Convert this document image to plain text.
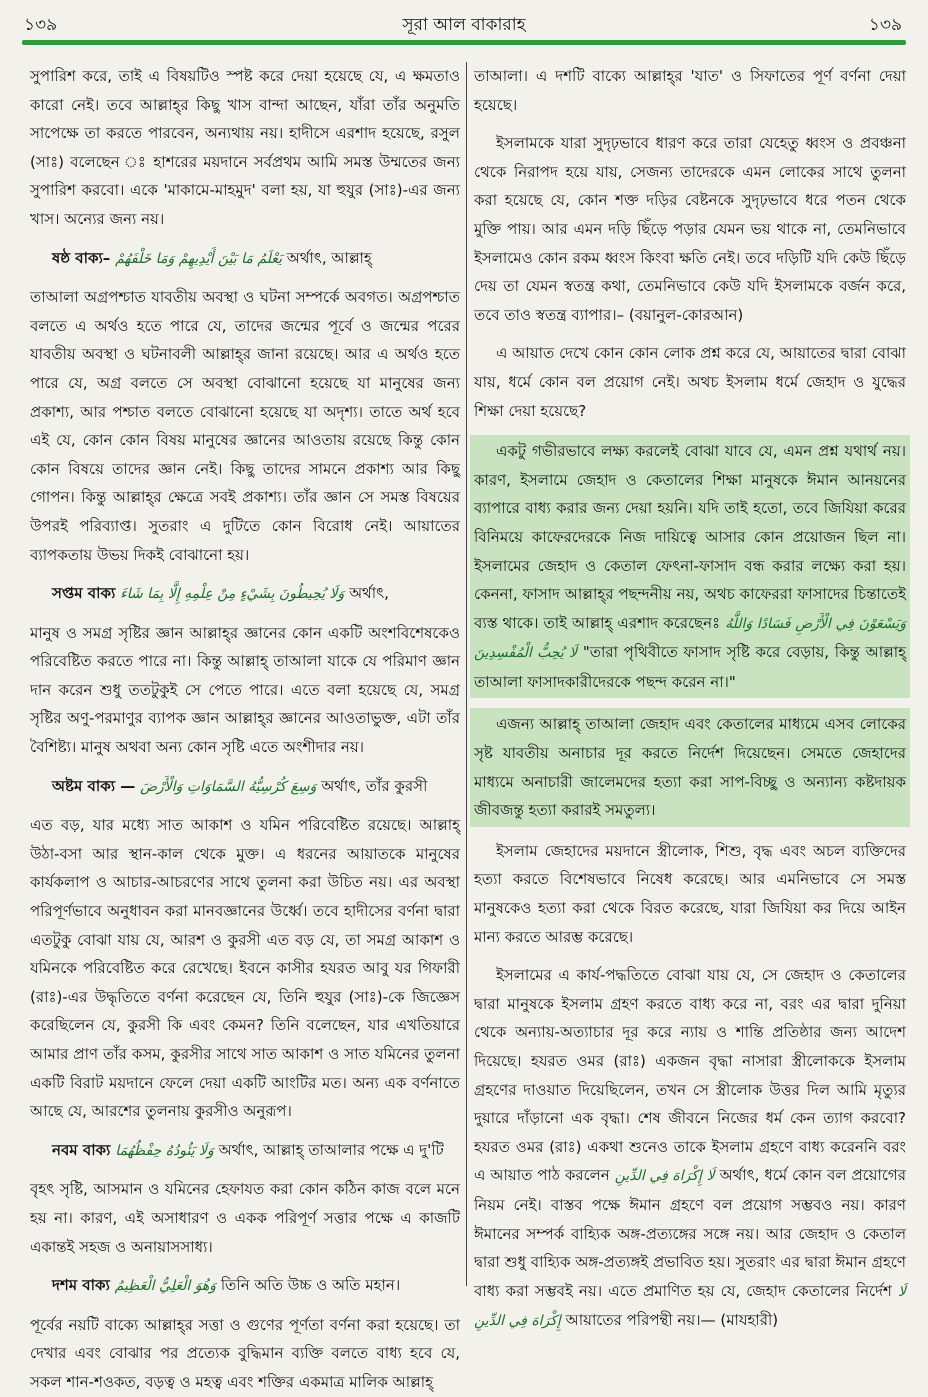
১৩৯	সূরা আল বাকারাহ	১৩৯

সুপারিশ করে, তাই এ বিষয়টিও স্পষ্ট করে দেয়া হয়েছে যে, এ ক্ষমতাও কারো নেই। তবে আল্লাহ্‌র কিছু খাস বান্দা আছেন, যাঁরা তাঁর অনুমতি সাপেক্ষে তা করতে পারবেন, অন্যথায় নয়। হাদীসে এরশাদ হয়েছে, রসুল (সাঃ) বলেছেন ঃ হাশরের ময়দানে সর্বপ্রথম আমি সমস্ত উম্মতের জন্য সুপারিশ করবো। একে 'মাকামে-মাহমুদ' বলা হয়, যা হুযুর (সাঃ)-এর জন্য খাস। অন্যের জন্য নয়।

ষষ্ঠ বাক্য– يَعْلَمُ مَا بَيْنَ أَيْدِيهِمْ وَمَا خَلْفَهُمْ অর্থাৎ, আল্লাহ্‌

তাআলা অগ্রপশ্চাত যাবতীয় অবস্থা ও ঘটনা সম্পর্কে অবগত। অগ্রপশ্চাত বলতে এ অর্থও হতে পারে যে, তাদের জন্মের পূর্বে ও জন্মের পরের যাবতীয় অবস্থা ও ঘটনাবলী আল্লাহ্‌র জানা রয়েছে। আর এ অর্থও হতে পারে যে, অগ্র বলতে সে অবস্থা বোঝানো হয়েছে যা মানুষের জন্য প্রকাশ্য, আর পশ্চাত বলতে বোঝানো হয়েছে যা অদৃশ্য। তাতে অর্থ হবে এই যে, কোন কোন বিষয় মানুষের জ্ঞানের আওতায় রয়েছে কিন্তু কোন কোন বিষয়ে তাদের জ্ঞান নেই। কিছু তাদের সামনে প্রকাশ্য আর কিছু গোপন। কিন্তু আল্লাহ্‌র ক্ষেত্রে সবই প্রকাশ্য। তাঁর জ্ঞান সে সমস্ত বিষয়ের উপরই পরিব্যাপ্ত। সুতরাং এ দুটিতে কোন বিরোধ নেই। আয়াতের ব্যাপকতায় উভয় দিকই বোঝানো হয়।

সপ্তম বাক্য وَلَا يُحِيطُونَ بِشَيْءٍ مِنْ عِلْمِهِ إِلَّا بِمَا شَاءَ অর্থাৎ,

মানুষ ও সমগ্র সৃষ্টির জ্ঞান আল্লাহ্‌র জ্ঞানের কোন একটি অংশবিশেষকেও পরিবেষ্টিত করতে পারে না। কিন্তু আল্লাহ্‌ তাআলা যাকে যে পরিমাণ জ্ঞান দান করেন শুধু ততটুকুই সে পেতে পারে। এতে বলা হয়েছে যে, সমগ্র সৃষ্টির অণু-পরমাণুর ব্যাপক জ্ঞান আল্লাহ্‌র জ্ঞানের আওতাভুক্ত, এটা তাঁর বৈশিষ্ট্য। মানুষ অথবা অন্য কোন সৃষ্টি এতে অংশীদার নয়।

অষ্টম বাক্য — وَسِعَ كُرْسِيُّهُ السَّمَاوَاتِ وَالْأَرْضَ অর্থাৎ, তাঁর কুরসী

এত বড়, যার মধ্যে সাত আকাশ ও যমিন পরিবেষ্টিত রয়েছে। আল্লাহ্‌ উঠা-বসা আর স্থান-কাল থেকে মুক্ত। এ ধরনের আয়াতকে মানুষের কার্যকলাপ ও আচার-আচরণের সাথে তুলনা করা উচিত নয়। এর অবস্থা পরিপূর্ণভাবে অনুধাবন করা মানবজ্ঞানের উর্ধ্বে। তবে হাদীসের বর্ণনা দ্বারা এতটুকু বোঝা যায় যে, আরশ ও কুরসী এত বড় যে, তা সমগ্র আকাশ ও যমিনকে পরিবেষ্টিত করে রেখেছে। ইবনে কাসীর হযরত আবু যর গিফারী (রাঃ)-এর উদ্ধৃতিতে বর্ণনা করেছেন যে, তিনি হুযুর (সাঃ)-কে জিজ্ঞেস করেছিলেন যে, কুরসী কি এবং কেমন? তিনি বলেছেন, যার এখতিয়ারে আমার প্রাণ তাঁর কসম, কুরসীর সাথে সাত আকাশ ও সাত যমিনের তুলনা একটি বিরাট ময়দানে ফেলে দেয়া একটি আংটির মত। অন্য এক বর্ণনাতে আছে যে, আরশের তুলনায় কুরসীও অনুরূপ।

নবম বাক্য وَلَا يَئُودُهُ حِفْظُهُمَا অর্থাৎ, আল্লাহ্‌ তাআলার পক্ষে এ দু'টি

বৃহৎ সৃষ্টি, আসমান ও যমিনের হেফাযত করা কোন কঠিন কাজ বলে মনে হয় না। কারণ, এই অসাধারণ ও একক পরিপূর্ণ সত্তার পক্ষে এ কাজটি একান্তই সহজ ও অনায়াসসাধ্য।

দশম বাক্য وَهُوَ الْعَلِيُّ الْعَظِيمُ তিনি অতি উচ্চ ও অতি মহান।

পূর্বের নয়টি বাক্যে আল্লাহ্‌র সত্তা ও গুণের পূর্ণতা বর্ণনা করা হয়েছে। তা দেখার এবং বোঝার পর প্রত্যেক বুদ্ধিমান ব্যক্তি বলতে বাধ্য হবে যে, সকল শান-শওকত, বড়ত্ব ও মহত্ব এবং শক্তির একমাত্র মালিক আল্লাহ্‌

তাআলা। এ দশটি বাক্যে আল্লাহ্‌র 'যাত' ও সিফাতের পূর্ণ বর্ণনা দেয়া হয়েছে।

ইসলামকে যারা সুদৃঢ়ভাবে ধারণ করে তারা যেহেতু ধ্বংস ও প্রবঞ্চনা থেকে নিরাপদ হয়ে যায়, সেজন্য তাদেরকে এমন লোকের সাথে তুলনা করা হয়েছে যে, কোন শক্ত দড়ির বেষ্টনকে সুদৃঢ়ভাবে ধরে পতন থেকে মুক্তি পায়। আর এমন দড়ি ছিঁড়ে পড়ার যেমন ভয় থাকে না, তেমনিভাবে ইসলামেও কোন রকম ধ্বংস কিংবা ক্ষতি নেই। তবে দড়িটি যদি কেউ ছিঁড়ে দেয় তা যেমন স্বতন্ত্র কথা, তেমনিভাবে কেউ যদি ইসলামকে বর্জন করে, তবে তাও স্বতন্ত্র ব্যাপার।– (বয়ানুল-কোরআন)

এ আয়াত দেখে কোন কোন লোক প্রশ্ন করে যে, আয়াতের দ্বারা বোঝা যায়, ধর্মে কোন বল প্রয়োগ নেই। অথচ ইসলাম ধর্মে জেহাদ ও যুদ্ধের শিক্ষা দেয়া হয়েছে?

একটু গভীরভাবে লক্ষ্য করলেই বোঝা যাবে যে, এমন প্রশ্ন যথার্থ নয়। কারণ, ইসলামে জেহাদ ও কেতালের শিক্ষা মানুষকে ঈমান আনয়নের ব্যাপারে বাধ্য করার জন্য দেয়া হয়নি। যদি তাই হতো, তবে জিযিয়া করের বিনিময়ে কাফেরদেরকে নিজ দায়িত্বে আসার কোন প্রয়োজন ছিল না। ইসলামের জেহাদ ও কেতাল ফেৎনা-ফাসাদ বন্ধ করার লক্ষ্যে করা হয়। কেননা, ফাসাদ আল্লাহ্‌র পছন্দনীয় নয়, অথচ কাফেররা ফাসাদের চিন্তাতেই ব্যস্ত থাকে। তাই আল্লাহ্‌ এরশাদ করেছেনঃ وَيَسْعَوْنَ فِي الْأَرْضِ فَسَادًا وَاللَّهُ لَا يُحِبُّ الْمُفْسِدِينَ "তারা পৃথিবীতে ফাসাদ সৃষ্টি করে বেড়ায়, কিন্তু আল্লাহ্‌ তাআলা ফাসাদকারীদেরকে পছন্দ করেন না।"

এজন্য আল্লাহ্‌ তাআলা জেহাদ এবং কেতালের মাধ্যমে এসব লোকের সৃষ্ট যাবতীয় অনাচার দূর করতে নির্দেশ দিয়েছেন। সেমতে জেহাদের মাধ্যমে অনাচারী জালেমদের হত্যা করা সাপ-বিচ্ছু ও অন্যান্য কষ্টদায়ক জীবজন্তু হত্যা করারই সমতুল্য।

ইসলাম জেহাদের ময়দানে স্ত্রীলোক, শিশু, বৃদ্ধ এবং অচল ব্যক্তিদের হত্যা করতে বিশেষভাবে নিষেধ করেছে। আর এমনিভাবে সে সমস্ত মানুষকেও হত্যা করা থেকে বিরত করেছে, যারা জিযিয়া কর দিয়ে আইন মান্য করতে আরম্ভ করেছে।

ইসলামের এ কার্য-পদ্ধতিতে বোঝা যায় যে, সে জেহাদ ও কেতালের দ্বারা মানুষকে ইসলাম গ্রহণ করতে বাধ্য করে না, বরং এর দ্বারা দুনিয়া থেকে অন্যায়-অত্যাচার দূর করে ন্যায় ও শান্তি প্রতিষ্ঠার জন্য আদেশ দিয়েছে। হযরত ওমর (রাঃ) একজন বৃদ্ধা নাসারা স্ত্রীলোককে ইসলাম গ্রহণের দাওয়াত দিয়েছিলেন, তখন সে স্ত্রীলোক উত্তর দিল আমি মৃত্যুর দুয়ারে দাঁড়ানো এক বৃদ্ধা। শেষ জীবনে নিজের ধর্ম কেন ত্যাগ করবো? হযরত ওমর (রাঃ) একথা শুনেও তাকে ইসলাম গ্রহণে বাধ্য করেননি বরং এ আয়াত পাঠ করলেন لَا إِكْرَاهَ فِي الدِّينِ অর্থাৎ, ধর্মে কোন বল প্রয়োগের নিয়ম নেই। বাস্তব পক্ষে ঈমান গ্রহণে বল প্রয়োগ সম্ভবও নয়। কারণ ঈমানের সম্পর্ক বাহ্যিক অঙ্গ-প্রত্যঙ্গের সঙ্গে নয়। আর জেহাদ ও কেতাল দ্বারা শুধু বাহ্যিক অঙ্গ-প্রত্যঙ্গই প্রভাবিত হয়। সুতরাং এর দ্বারা ঈমান গ্রহণে বাধ্য করা সম্ভবই নয়। এতে প্রমাণিত হয় যে, জেহাদ কেতালের নির্দেশ لَا إِكْرَاهَ فِي الدِّينِ আয়াতের পরিপন্থী নয়।— (মাযহারী)
